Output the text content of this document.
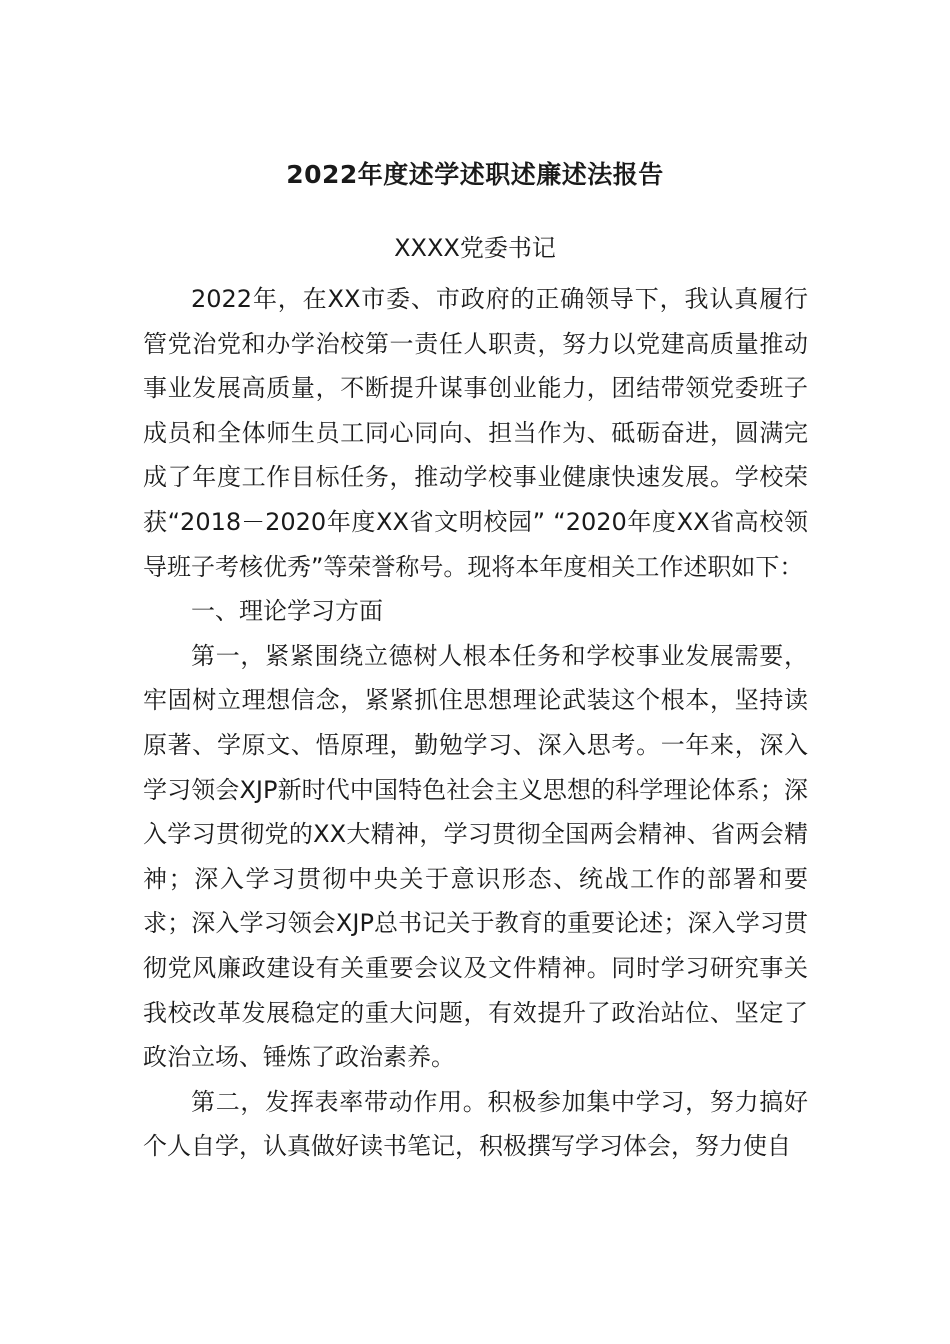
2022年度述学述职述廉述法报告
XXXX党委书记

2022年，在XX市委、市政府的正确领导下，我认真履行管党治党和办学治校第一责任人职责，努力以党建高质量推动事业发展高质量，不断提升谋事创业能力，团结带领党委班子成员和全体师生员工同心同向、担当作为、砥砺奋进，圆满完成了年度工作目标任务，推动学校事业健康快速发展。学校荣获“2018－2020年度XX省文明校园” “2020年度XX省高校领导班子考核优秀”等荣誉称号。现将本年度相关工作述职如下：

一、理论学习方面

第一，紧紧围绕立德树人根本任务和学校事业发展需要，牢固树立理想信念，紧紧抓住思想理论武装这个根本，坚持读原著、学原文、悟原理，勤勉学习、深入思考。一年来，深入学习领会XJP新时代中国特色社会主义思想的科学理论体系；深入学习贯彻党的XX大精神，学习贯彻全国两会精神、省两会精神；深入学习贯彻中央关于意识形态、统战工作的部署和要求；深入学习领会XJP总书记关于教育的重要论述；深入学习贯彻党风廉政建设有关重要会议及文件精神。同时学习研究事关我校改革发展稳定的重大问题，有效提升了政治站位、坚定了政治立场、锤炼了政治素养。

第二，发挥表率带动作用。积极参加集中学习，努力搞好个人自学，认真做好读书笔记，积极撰写学习体会，努力使自
